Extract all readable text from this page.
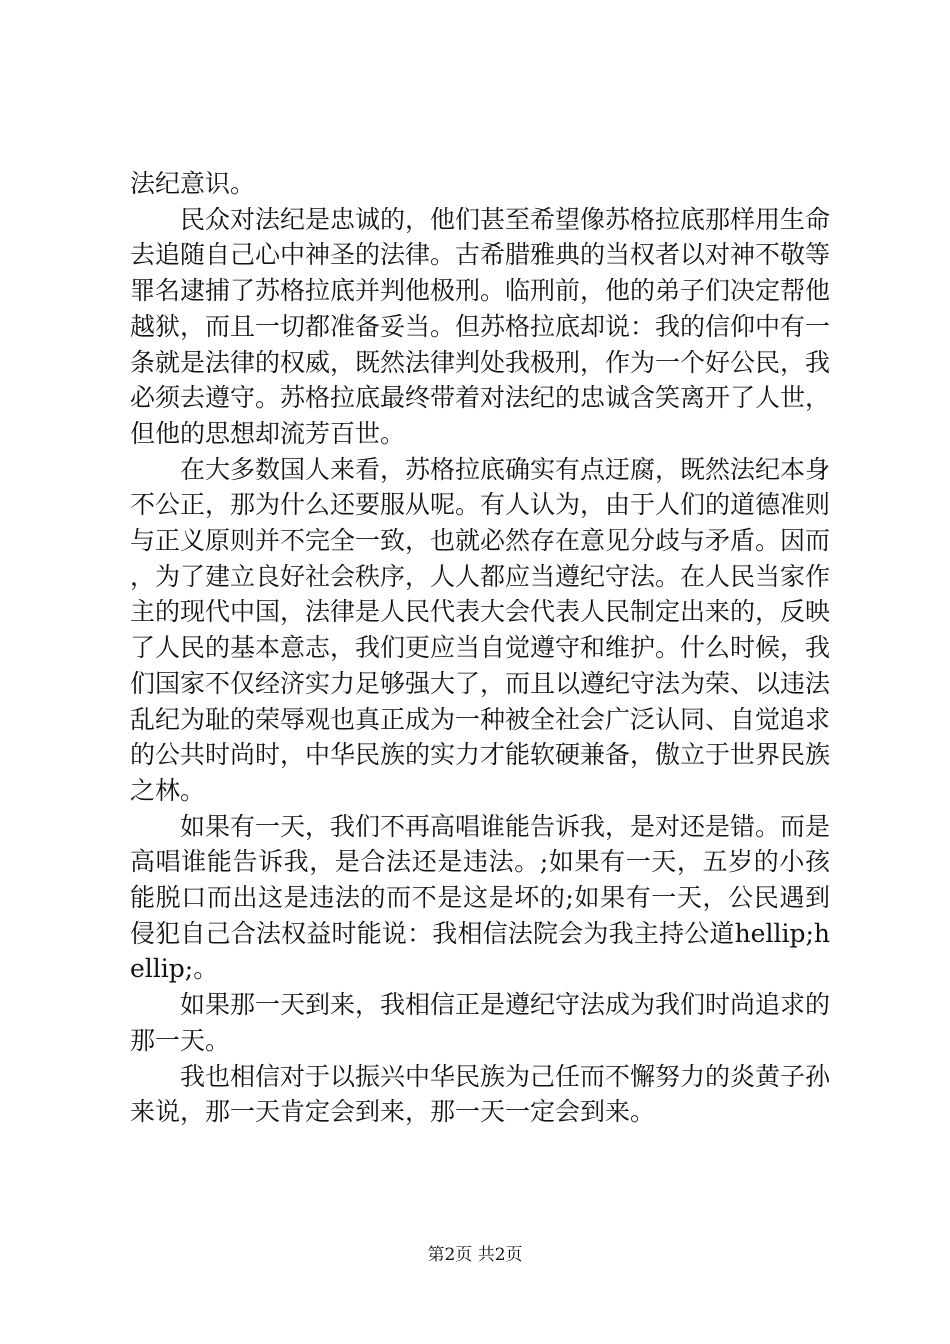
法纪意识。

民众对法纪是忠诚的，他们甚至希望像苏格拉底那样用生命去追随自己心中神圣的法律。古希腊雅典的当权者以对神不敬等罪名逮捕了苏格拉底并判他极刑。临刑前，他的弟子们决定帮他越狱，而且一切都准备妥当。但苏格拉底却说：我的信仰中有一条就是法律的权威，既然法律判处我极刑，作为一个好公民，我必须去遵守。苏格拉底最终带着对法纪的忠诚含笑离开了人世，但他的思想却流芳百世。

在大多数国人来看，苏格拉底确实有点迂腐，既然法纪本身不公正，那为什么还要服从呢。有人认为，由于人们的道德准则与正义原则并不完全一致，也就必然存在意见分歧与矛盾。因而，为了建立良好社会秩序，人人都应当遵纪守法。在人民当家作主的现代中国，法律是人民代表大会代表人民制定出来的，反映了人民的基本意志，我们更应当自觉遵守和维护。什么时候，我们国家不仅经济实力足够强大了，而且以遵纪守法为荣、以违法乱纪为耻的荣辱观也真正成为一种被全社会广泛认同、自觉追求的公共时尚时，中华民族的实力才能软硬兼备，傲立于世界民族之林。

如果有一天，我们不再高唱谁能告诉我，是对还是错。而是高唱谁能告诉我，是合法还是违法。;如果有一天，五岁的小孩能脱口而出这是违法的而不是这是坏的;如果有一天，公民遇到侵犯自己合法权益时能说：我相信法院会为我主持公道hellip;hellip;。

如果那一天到来，我相信正是遵纪守法成为我们时尚追求的那一天。

我也相信对于以振兴中华民族为己任而不懈努力的炎黄子孙来说，那一天肯定会到来，那一天一定会到来。

第2页 共2页
